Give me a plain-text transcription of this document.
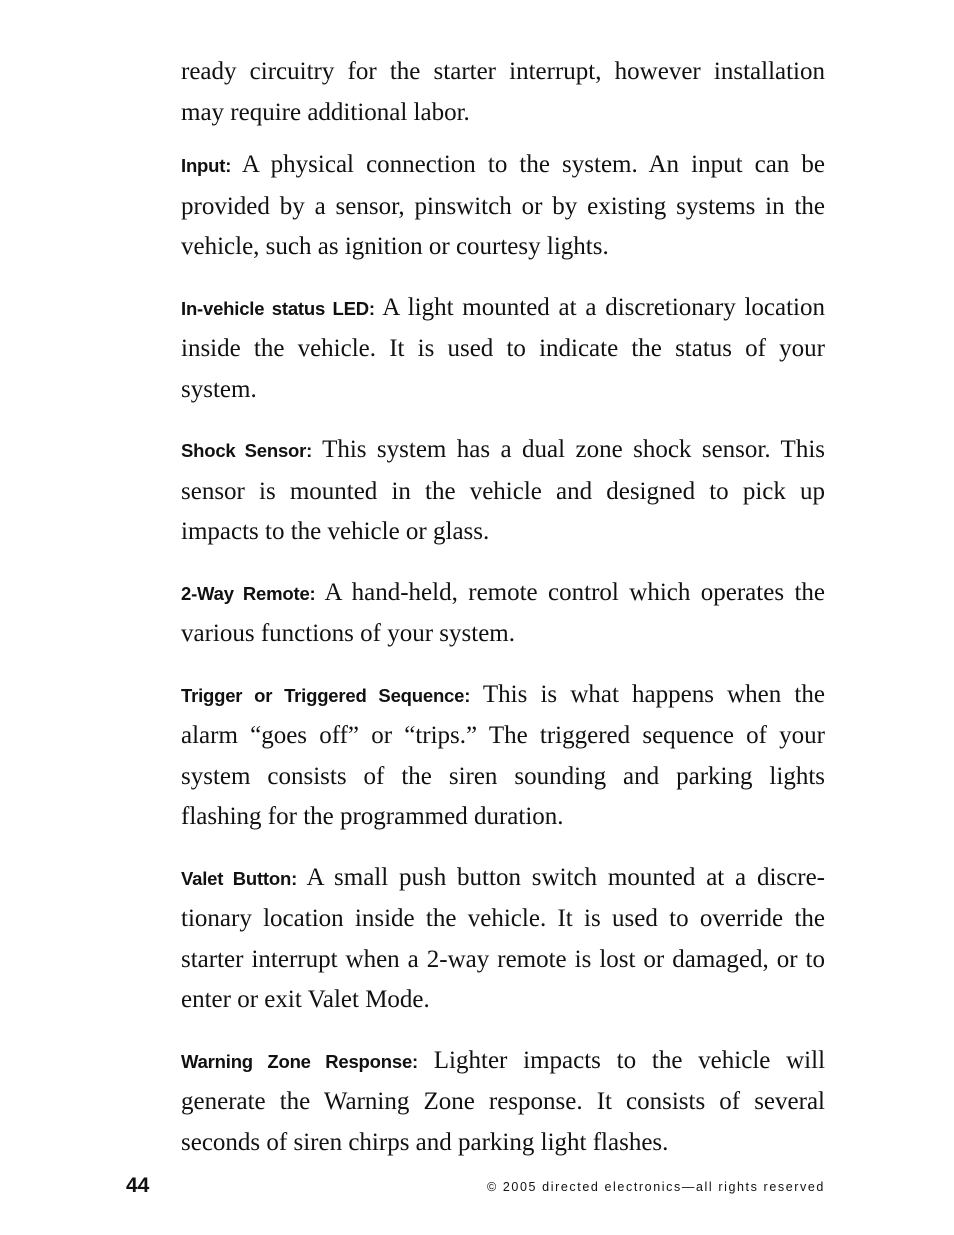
ready circuitry for the starter interrupt, however installation may require additional labor.

Input: A physical connection to the system. An input can be provided by a sensor, pinswitch or by existing systems in the vehicle, such as ignition or courtesy lights.

In-vehicle status LED: A light mounted at a discretionary location inside the vehicle. It is used to indicate the status of your system.

Shock Sensor: This system has a dual zone shock sensor. This sensor is mounted in the vehicle and designed to pick up impacts to the vehicle or glass.

2-Way Remote: A hand-held, remote control which operates the various functions of your system.

Trigger or Triggered Sequence: This is what happens when the alarm “goes off” or “trips.” The triggered sequence of your system consists of the siren sounding and parking lights flashing for the programmed duration.

Valet Button: A small push button switch mounted at a discre-tionary location inside the vehicle. It is used to override the starter interrupt when a 2-way remote is lost or damaged, or to enter or exit Valet Mode.

Warning Zone Response: Lighter impacts to the vehicle will generate the Warning Zone response. It consists of several seconds of siren chirps and parking light flashes.

44	© 2005 directed electronics—all rights reserved
